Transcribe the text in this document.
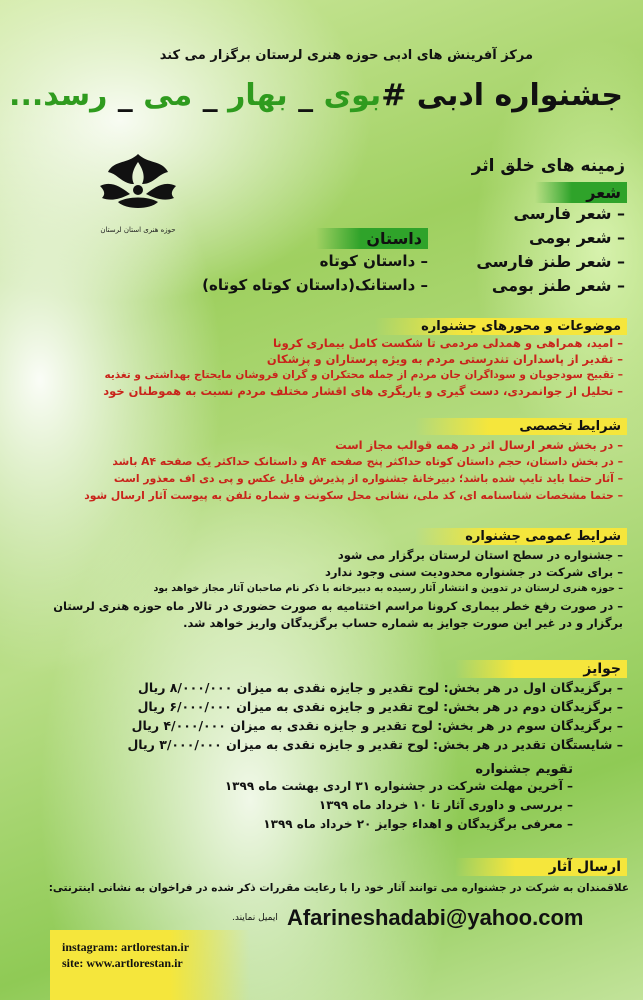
مرکز آفرینش های ادبی حوزه هنری لرستان برگزار می کند
جشنواره ادبی #بوی _ بهار _ می _ رسد...
حوزه هنری استان لرستان
زمینه های خلق اثر
شعر
– شعر فارسی
– شعر بومی
– شعر طنز فارسی
– شعر طنز بومی
داستان
– داستان کوتاه
– داستانک(داستان کوتاه کوتاه)
موضوعات و محورهای جشنواره
– امید، همراهی و همدلی مردمی تا شکست کامل بیماری کرونا
– تقدیر از پاسداران تندرستی مردم به ویژه پرستاران و پزشکان
– تقبیح سودجویان و سوداگران جان مردم از جمله محتکران و گران فروشان مایحتاج بهداشتی و تغذیه
– تحلیل از جوانمردی، دست گیری و یاریگری های اقشار مختلف مردم نسبت به هموطنان خود
شرایط تخصصی
– در بخش شعر ارسال اثر در همه قوالب مجاز است
– در بخش داستان، حجم داستان کوتاه حداکثر پنج صفحه A۴ و داستانک حداکثر یک صفحه A۴ باشد
– آثار حتما باید تایپ شده باشد؛ دبیرخانهٔ جشنواره از پذیرش فایل عکس و پی دی اف معذور است
– حتما مشخصات شناسنامه ای، کد ملی، نشانی محل سکونت و شماره تلفن به پیوست آثار ارسال شود
شرایط عمومی جشنواره
– جشنواره در سطح استان لرستان برگزار می شود
– برای شرکت در جشنواره محدودیت سنی وجود ندارد
– حوزه هنری لرستان در تدوین و انتشار آثار رسیده به دبیرخانه با ذکر نام صاحبان آثار مجاز خواهد بود
– در صورت رفع خطر بیماری کرونا مراسم اختتامیه به صورت حضوری در تالار ماه حوزه هنری لرستان
برگزار و در غیر این صورت جوایز به شماره حساب برگزیدگان واریز خواهد شد.
جوایز
– برگزیدگان اول در هر بخش: لوح تقدیر و جایزه نقدی به میزان ۸/۰۰۰/۰۰۰ ریال
– برگزیدگان دوم در هر بخش: لوح تقدیر و جایزه نقدی به میزان ۶/۰۰۰/۰۰۰ ریال
– برگزیدگان سوم در هر بخش: لوح تقدیر و جایزه نقدی به میزان ۴/۰۰۰/۰۰۰ ریال
– شایستگان تقدیر در هر بخش: لوح تقدیر و جایزه نقدی به میزان ۳/۰۰۰/۰۰۰ ریال
تقویم جشنواره
– آخرین مهلت شرکت در جشنواره ۳۱ اردی بهشت ماه ۱۳۹۹
– بررسی و داوری آثار تا ۱۰ خرداد ماه ۱۳۹۹
– معرفی برگزیدگان و اهداء جوایز ۲۰ خرداد ماه ۱۳۹۹
ارسال آثار
علاقمندان به شرکت در جشنواره می توانند آثار خود را با رعایت مقررات ذکر شده در فراخوان به نشانی اینترنتی:
ایمیل نمایند. Afarineshadabi@yahoo.com
instagram: artlorestan.ir
site: www.artlorestan.ir
